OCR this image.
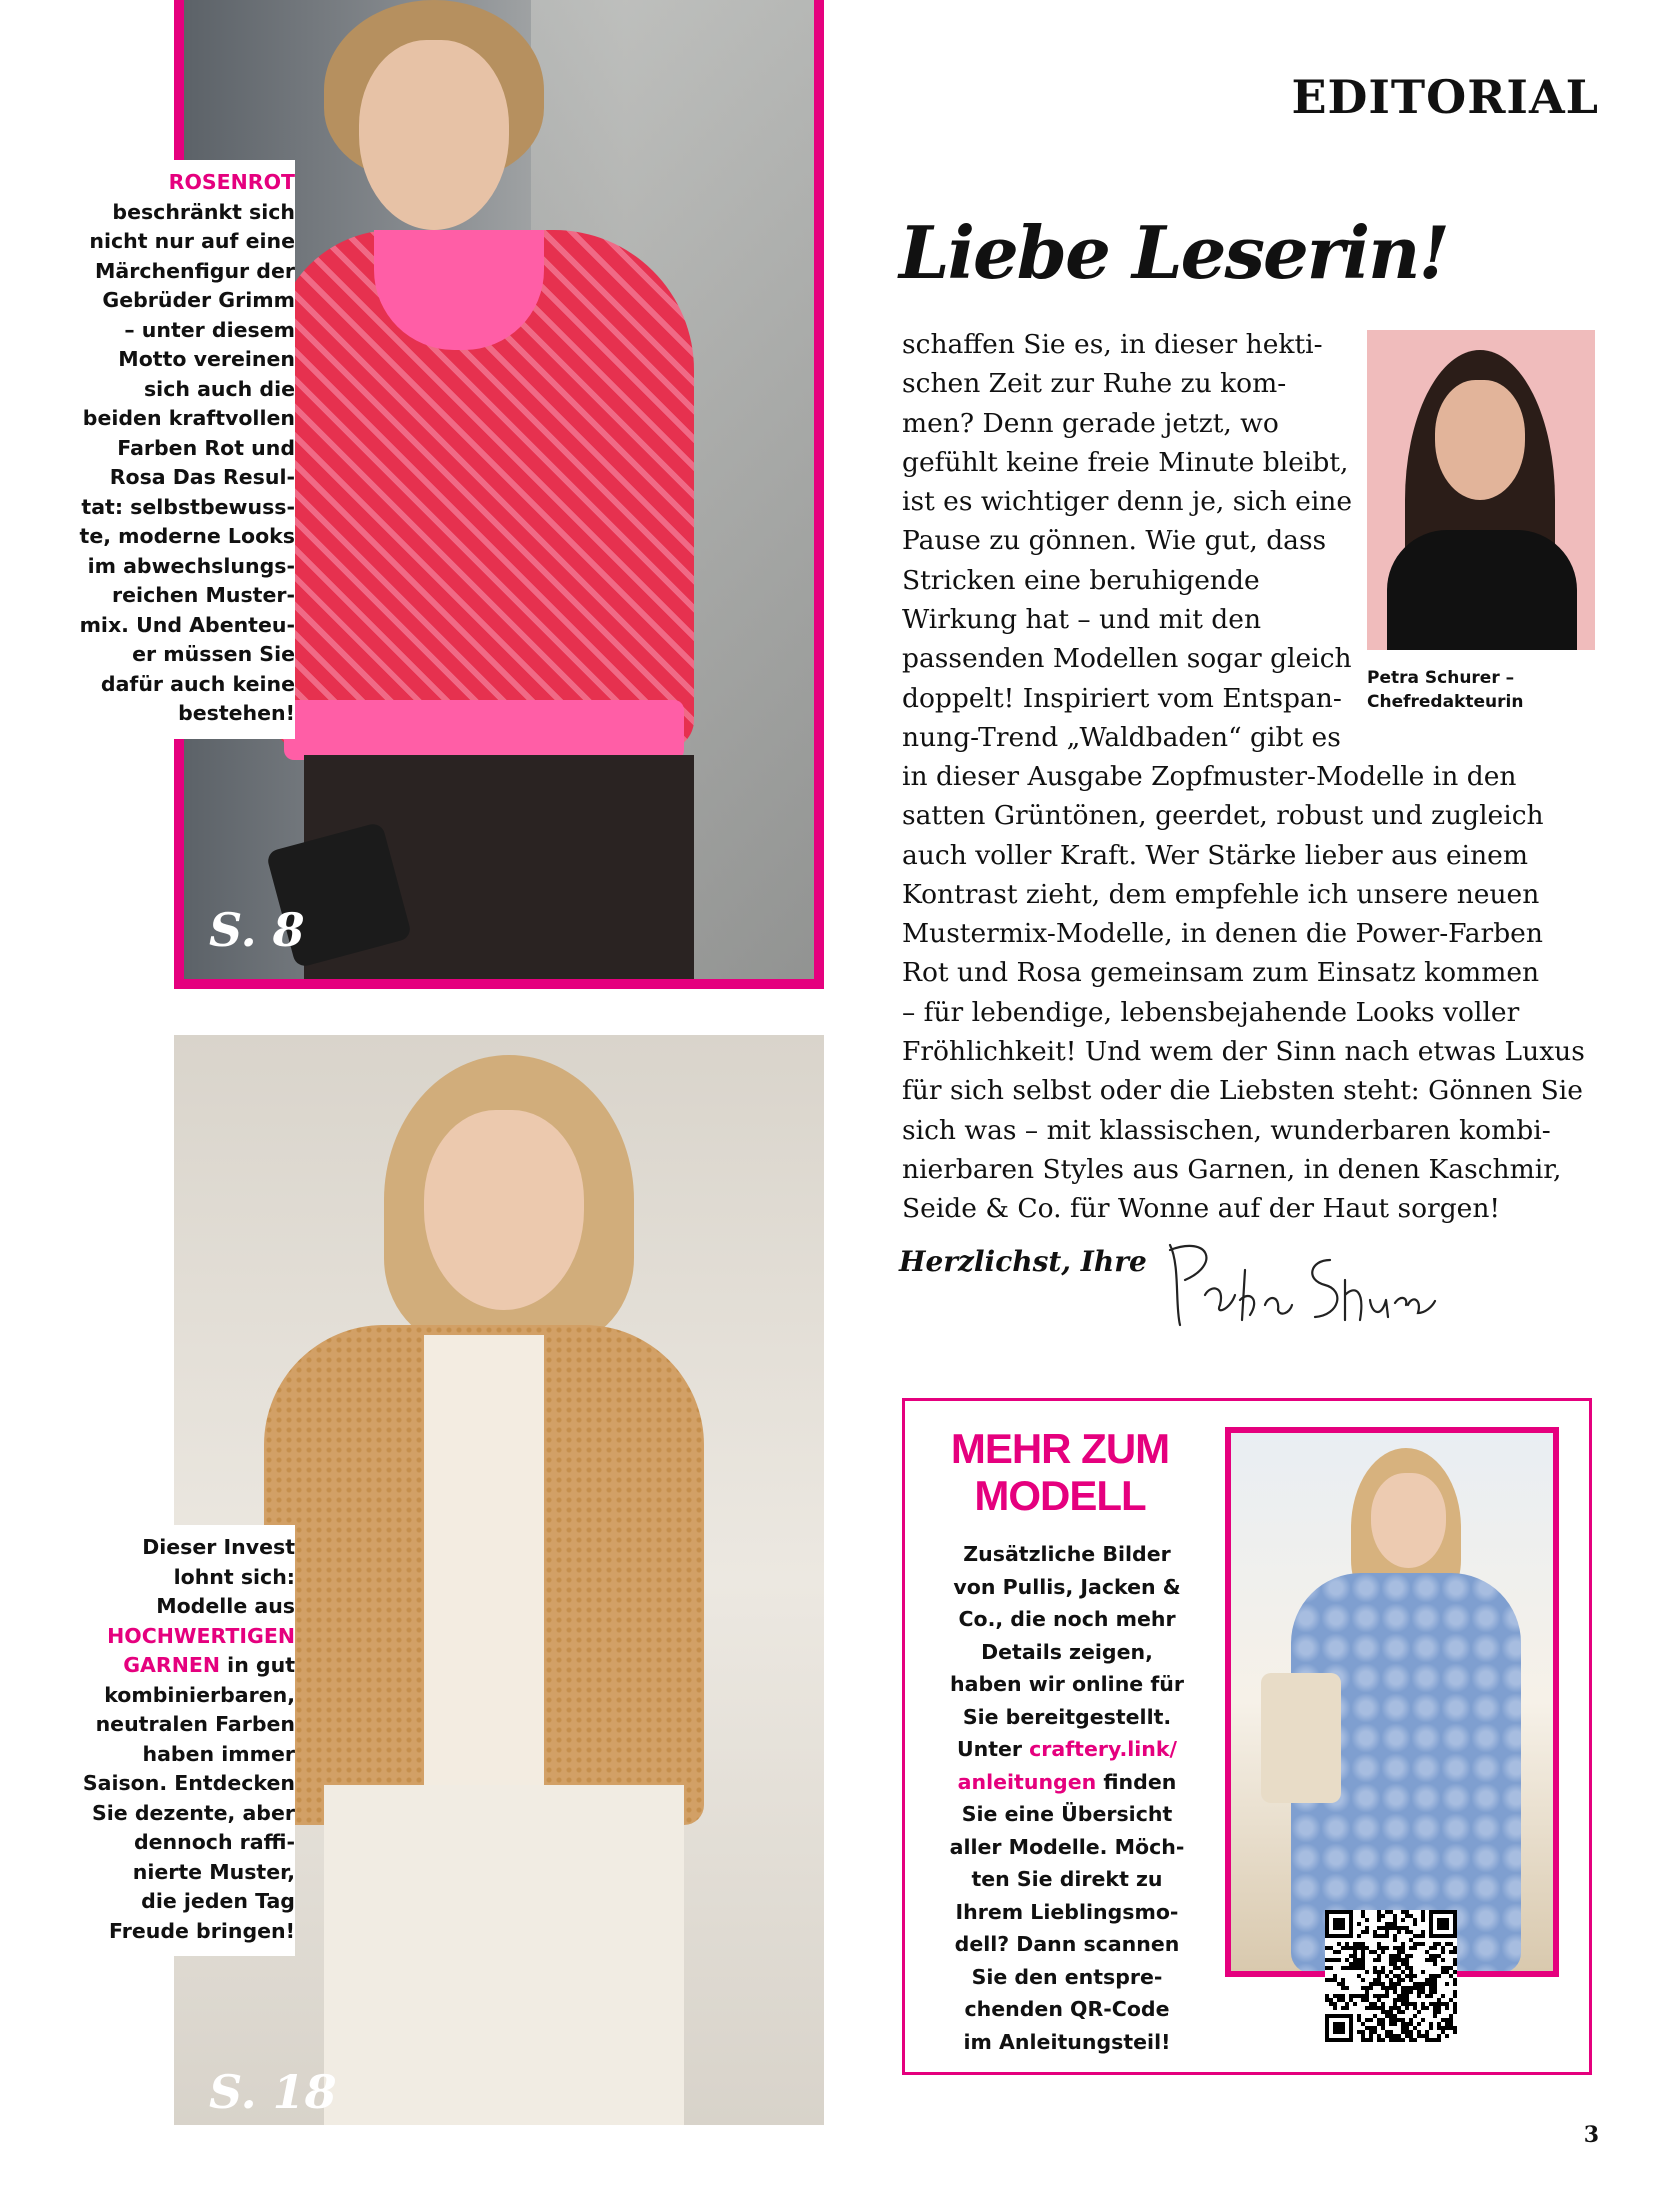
ROSENROT
beschränkt sich
nicht nur auf eine
Märchenfigur der
Gebrüder Grimm
– unter diesem
Motto vereinen
sich auch die
beiden kraftvollen
Farben Rot und
Rosa Das Resul-
tat: selbstbewuss-
te, moderne Looks
im abwechslungs-
reichen Muster-
mix. Und Abenteu-
er müssen Sie
dafür auch keine
bestehen!
S. 8
Dieser Invest
lohnt sich:
Modelle aus
HOCHWERTIGEN
GARNEN in gut
kombinierbaren,
neutralen Farben
haben immer
Saison. Entdecken
Sie dezente, aber
dennoch raffi-
nierte Muster,
die jeden Tag
Freude bringen!
S. 18
EDITORIAL
Liebe Leserin!
schaffen Sie es, in dieser hekti-
schen Zeit zur Ruhe zu kom-
men? Denn gerade jetzt, wo
gefühlt keine freie Minute bleibt,
ist es wichtiger denn je, sich eine
Pause zu gönnen. Wie gut, dass
Stricken eine beruhigende
Wirkung hat – und mit den
passenden Modellen sogar gleich
doppelt! Inspiriert vom Entspan-
nung-Trend „Waldbaden“ gibt es
in dieser Ausgabe Zopfmuster-Modelle in den
satten Grüntönen, geerdet, robust und zugleich
auch voller Kraft. Wer Stärke lieber aus einem
Kontrast zieht, dem empfehle ich unsere neuen
Mustermix-Modelle, in denen die Power-Farben
Rot und Rosa gemeinsam zum Einsatz kommen
– für lebendige, lebensbejahende Looks voller
Fröhlichkeit! Und wem der Sinn nach etwas Luxus
für sich selbst oder die Liebsten steht: Gönnen Sie
sich was – mit klassischen, wunderbaren kombi-
nierbaren Styles aus Garnen, in denen Kaschmir,
Seide & Co. für Wonne auf der Haut sorgen!
Petra Schurer –
Chefredakteurin
Herzlichst, Ihre
MEHR ZUM
MODELL
Zusätzliche Bilder
von Pullis, Jacken &
Co., die noch mehr
Details zeigen,
haben wir online für
Sie bereitgestellt.
Unter craftery.link/
anleitungen finden
Sie eine Übersicht
aller Modelle. Möch-
ten Sie direkt zu
Ihrem Lieblingsmo-
dell? Dann scannen
Sie den entspre-
chenden QR-Code
im Anleitungsteil!
3
